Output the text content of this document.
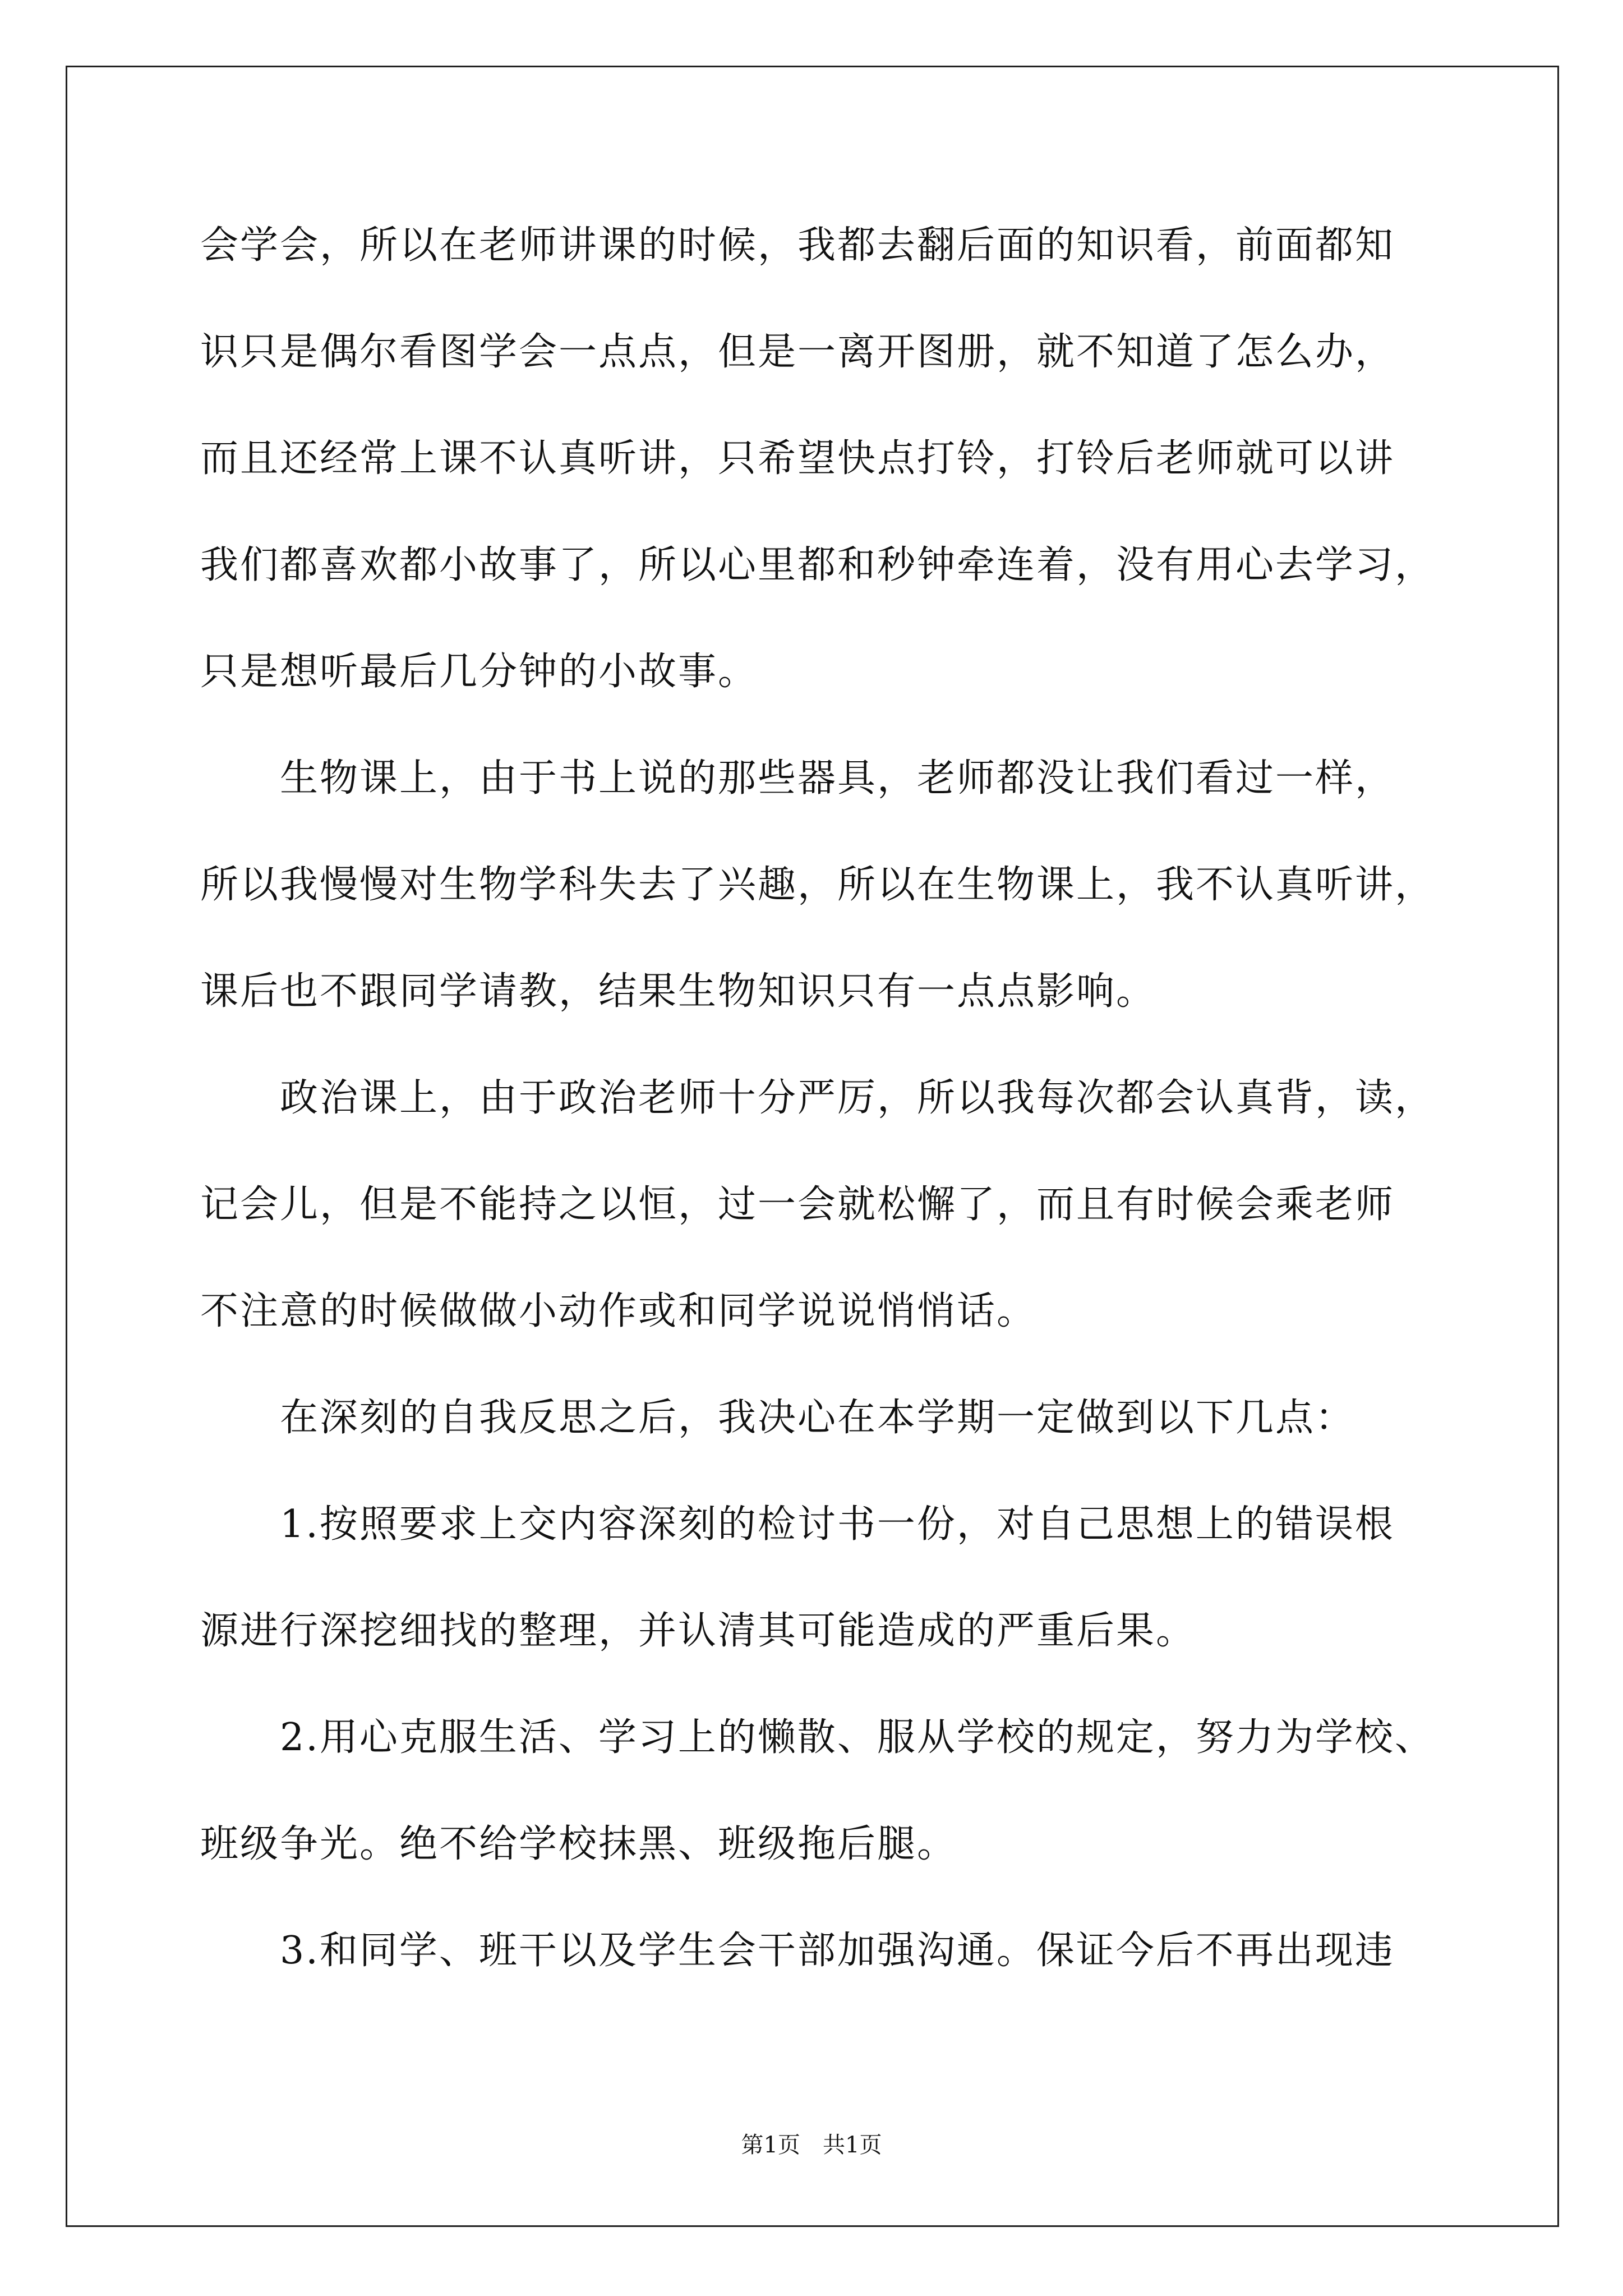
会学会，所以在老师讲课的时候，我都去翻后面的知识看，前面都知
识只是偶尔看图学会一点点，但是一离开图册，就不知道了怎么办，
而且还经常上课不认真听讲，只希望快点打铃，打铃后老师就可以讲
我们都喜欢都小故事了，所以心里都和秒钟牵连着，没有用心去学习，
只是想听最后几分钟的小故事。
生物课上，由于书上说的那些器具，老师都没让我们看过一样，
所以我慢慢对生物学科失去了兴趣，所以在生物课上，我不认真听讲，
课后也不跟同学请教，结果生物知识只有一点点影响。
政治课上，由于政治老师十分严厉，所以我每次都会认真背，读，
记会儿，但是不能持之以恒，过一会就松懈了，而且有时候会乘老师
不注意的时候做做小动作或和同学说说悄悄话。
在深刻的自我反思之后，我决心在本学期一定做到以下几点：
1.按照要求上交内容深刻的检讨书一份，对自己思想上的错误根
源进行深挖细找的整理，并认清其可能造成的严重后果。
2.用心克服生活、学习上的懒散、服从学校的规定，努力为学校、
班级争光。绝不给学校抹黑、班级拖后腿。
3.和同学、班干以及学生会干部加强沟通。保证今后不再出现违
第1页　共1页
